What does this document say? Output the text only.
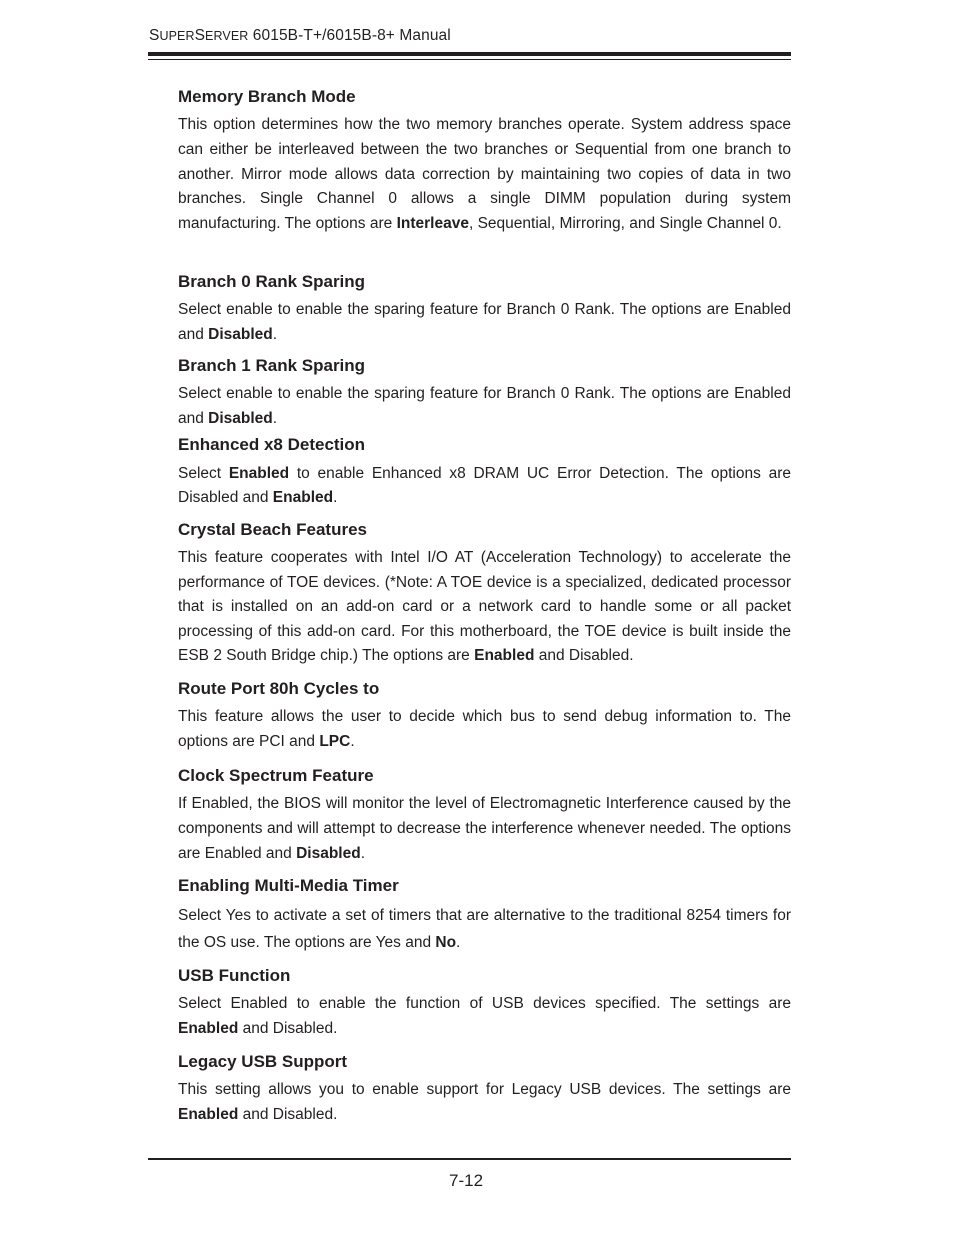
SUPERSERVER 6015B-T+/6015B-8+ Manual
Memory Branch Mode

This option determines how the two memory branches operate. System address space can either be interleaved between the two branches or Sequential from one branch to another. Mirror mode allows data correction by maintaining two copies of data in two branches. Single Channel 0 allows a single DIMM population during system manufacturing. The options are Interleave, Sequential, Mirroring, and Single Channel 0.

Branch 0 Rank Sparing

Select enable to enable the sparing feature for Branch 0 Rank. The options are Enabled and Disabled.

Branch 1 Rank Sparing

Select enable to enable the sparing feature for Branch 0 Rank. The options are Enabled and Disabled.

Enhanced x8 Detection

Select Enabled to enable Enhanced x8 DRAM UC Error Detection. The options are Disabled and Enabled.

Crystal Beach Features

This feature cooperates with Intel I/O AT (Acceleration Technology) to accelerate the performance of TOE devices. (*Note: A TOE device is a specialized, dedicated processor that is installed on an add-on card or a network card to handle some or all packet processing of this add-on card. For this motherboard, the TOE device is built inside the ESB 2 South Bridge chip.) The options are Enabled and Disabled.

Route Port 80h Cycles to

This feature allows the user to decide which bus to send debug information to. The options are PCI and LPC.

Clock Spectrum Feature

If Enabled, the BIOS will monitor the level of Electromagnetic Interference caused by the components and will attempt to decrease the interference whenever needed. The options are Enabled and Disabled.

Enabling Multi-Media Timer

Select Yes to activate a set of timers that are alternative to the traditional 8254 timers for the OS use. The options are Yes and No.

USB Function

Select Enabled to enable the function of USB devices specified. The settings are Enabled and Disabled.

Legacy USB Support

This setting allows you to enable support for Legacy USB devices. The settings are Enabled and Disabled.

7-12
